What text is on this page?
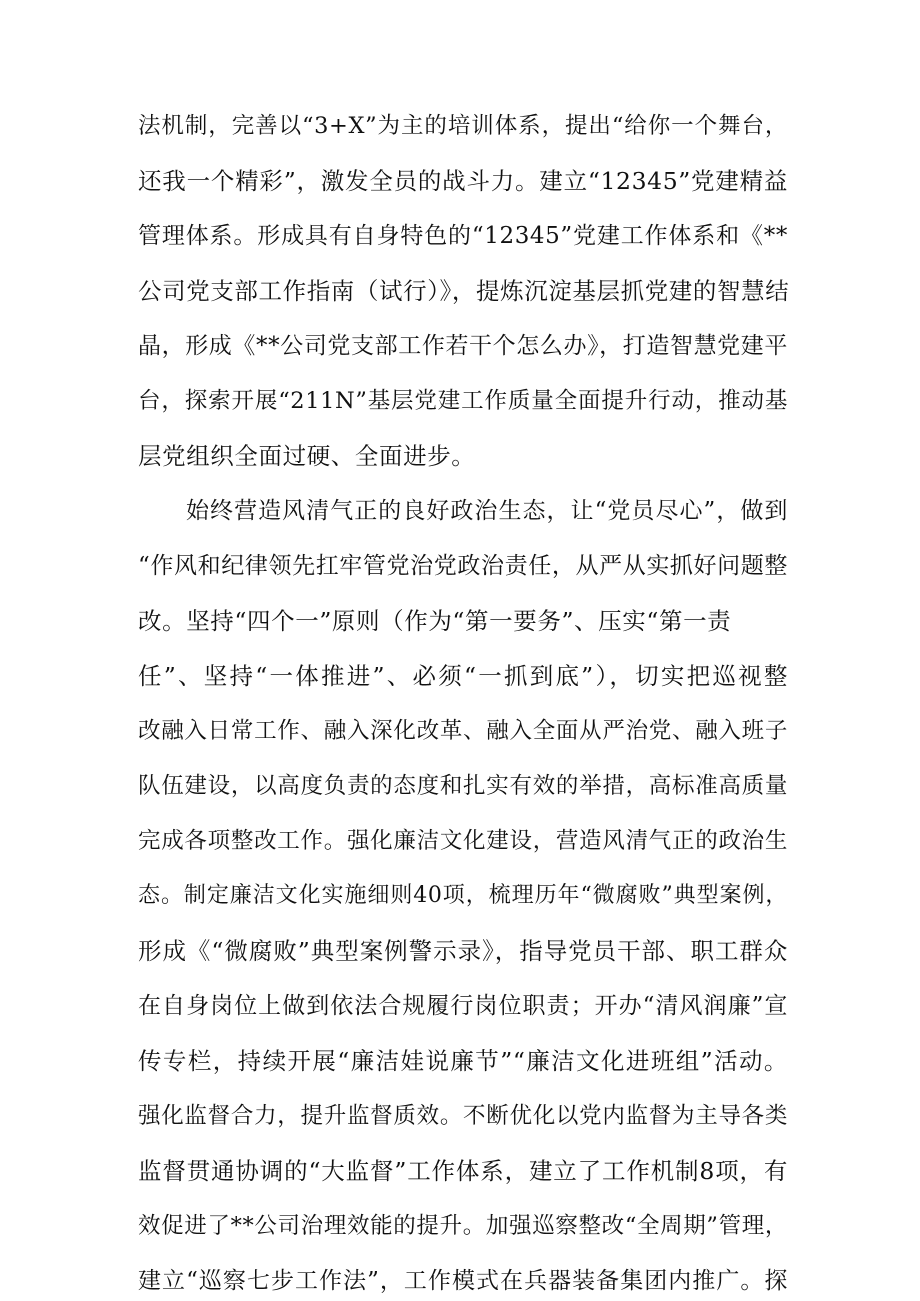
法机制，完善以“3+X”为主的培训体系，提出“给你一个舞台，
还我一个精彩”，激发全员的战斗力。建立“12345”党建精益
管理体系。形成具有自身特色的“12345”党建工作体系和《**
公司党支部工作指南（试行）》，提炼沉淀基层抓党建的智慧结
晶，形成《**公司党支部工作若干个怎么办》，打造智慧党建平
台，探索开展“211N”基层党建工作质量全面提升行动，推动基
层党组织全面过硬、全面进步。
始终营造风清气正的良好政治生态，让“党员尽心”，做到
“作风和纪律领先扛牢管党治党政治责任，从严从实抓好问题整
改。坚持“四个一”原则（作为“第一要务”、压实“第一责
任”、坚持“一体推进”、必须“一抓到底”），切实把巡视整
改融入日常工作、融入深化改革、融入全面从严治党、融入班子
队伍建设，以高度负责的态度和扎实有效的举措，高标准高质量
完成各项整改工作。强化廉洁文化建设，营造风清气正的政治生
态。制定廉洁文化实施细则40项，梳理历年“微腐败”典型案例，
形成《“微腐败”典型案例警示录》，指导党员干部、职工群众
在自身岗位上做到依法合规履行岗位职责；开办“清风润廉”宣
传专栏，持续开展“廉洁娃说廉节”“廉洁文化进班组”活动。
强化监督合力，提升监督质效。不断优化以党内监督为主导各类
监督贯通协调的“大监督”工作体系，建立了工作机制8项，有
效促进了**公司治理效能的提升。加强巡察整改“全周期”管理，
建立“巡察七步工作法”，工作模式在兵器装备集团内推广。探
